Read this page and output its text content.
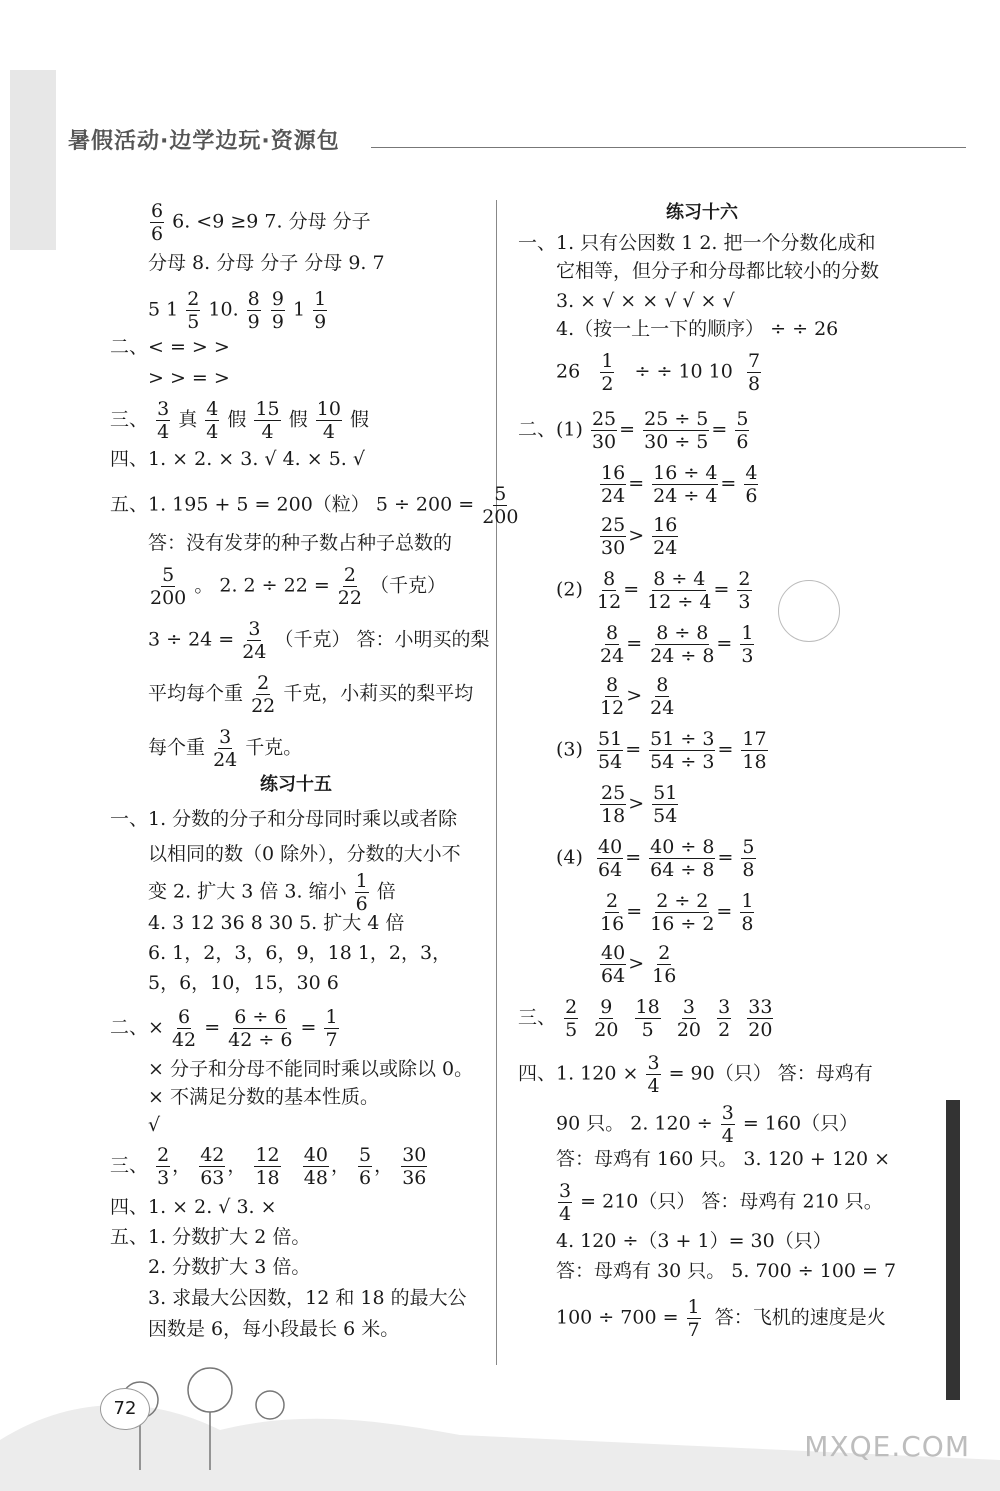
暑假活动·边学边玩·资源包
$\frac{6}{6} 6$. <9 ≥9 7. 分母 分子
分母 8. 分母 分子 分母 9. 7
5 $1 \frac{2}{5} 10$. $\frac{8}{9}$
$\frac{9}{9} 1 \frac{1}{9}$
二、< = > >
> > = >
三、 $\frac{3}{4}$ 真 $\frac{4}{4}$ 假 $\frac{15}{4}$ 假 $\frac{10}{4}$ 假
四、1. × 2. × 3. √ 4. × 5. √
五、1. 195 + 5 = 200（粒） $5 \div 200 = \frac{5}{200}$
答：没有发芽的种子数占种子总数的
$\frac{5}{200}$ 。 2. $2 \div 22 = \frac{2}{22}$ （千克）
$3 \div 24 = \frac{3}{24}$ （千克） 答：小明买的梨
平均每个重 $\frac{2}{22}$ 千克，小莉买的梨平均
每个重 $\frac{3}{24}$ 千克。
练习十五
一、1. 分数的分子和分母同时乘以或者除
以相同的数（0 除外），分数的大小不
变 2. 扩大 3 倍 3. 缩小 $\frac{1}{6}$ 倍
4. 3 12 36 8 30 5. 扩大 4 倍
6. 1，2，3，6，9，18 1，2，3，
5，6，10，15，30 6
二、× $\frac{6}{42} = \frac{6 \div 6}{42 \div 6} = \frac{1}{7}$
× 分子和分母不能同时乘以或除以 0。
× 不满足分数的基本性质。
√
三、 $\frac{2}{3}$ ， $\frac{42}{63}$ ， $\frac{12}{18}$
$\frac{40}{48}$ ， $\frac{5}{6}$ ， $\frac{30}{36}$
四、1. × 2. √ 3. ×
五、1. 分数扩大 2 倍。
2. 分数扩大 3 倍。
3. 求最大公因数，12 和 18 的最大公
因数是 6，每小段最长 6 米。
练习十六
一、1. 只有公因数 1 2. 把一个分数化成和
它相等，但分子和分母都比较小的分数
3. × √ × × √ √ × √
4.（按一上一下的顺序） ÷ ÷ 26
$26 \frac{1}{2}$ ÷ ÷ 10 $10 \frac{7}{8}$
二、$(1) \frac{25}{30} = \frac{25 \div 5}{30 \div 5} = \frac{5}{6}$
$\frac{16}{24} = \frac{16 \div 4}{24 \div 4} = \frac{4}{6}$
$\frac{25}{30} > \frac{16}{24}$
$(2) \frac{8}{12} = \frac{8 \div 4}{12 \div 4} = \frac{2}{3}$
$\frac{8}{24} = \frac{8 \div 8}{24 \div 8} = \frac{1}{3}$
$\frac{8}{12} > \frac{8}{24}$
$(3) \frac{51}{54} = \frac{51 \div 3}{54 \div 3} = \frac{17}{18}$
$\frac{25}{18} > \frac{51}{54}$
$(4) \frac{40}{64} = \frac{40 \div 8}{64 \div 8} = \frac{5}{8}$
$\frac{2}{16} = \frac{2 \div 2}{16 \div 2} = \frac{1}{8}$
$\frac{40}{64} > \frac{2}{16}$
三、 $\frac{2}{5}$
$\frac{9}{20}$
$\frac{18}{5}$
$\frac{3}{20}$
$\frac{3}{2}$
$\frac{33}{20}$
四、1. $120 \times \frac{3}{4} = 90$（只） 答：母鸡有
90 只。 2. $120 \div \frac{3}{4} = 160$（只）
答：母鸡有 160 只。 3. 120 + 120 ×
$\frac{3}{4} = 210$（只） 答：母鸡有 210 只。
4. 120 ÷（3 + 1）= 30（只）
答：母鸡有 30 只。 5. 700 ÷ 100 = 7
$100 \div 700 = \frac{1}{7}$ 答：飞机的速度是火
72
MXQE.COM
